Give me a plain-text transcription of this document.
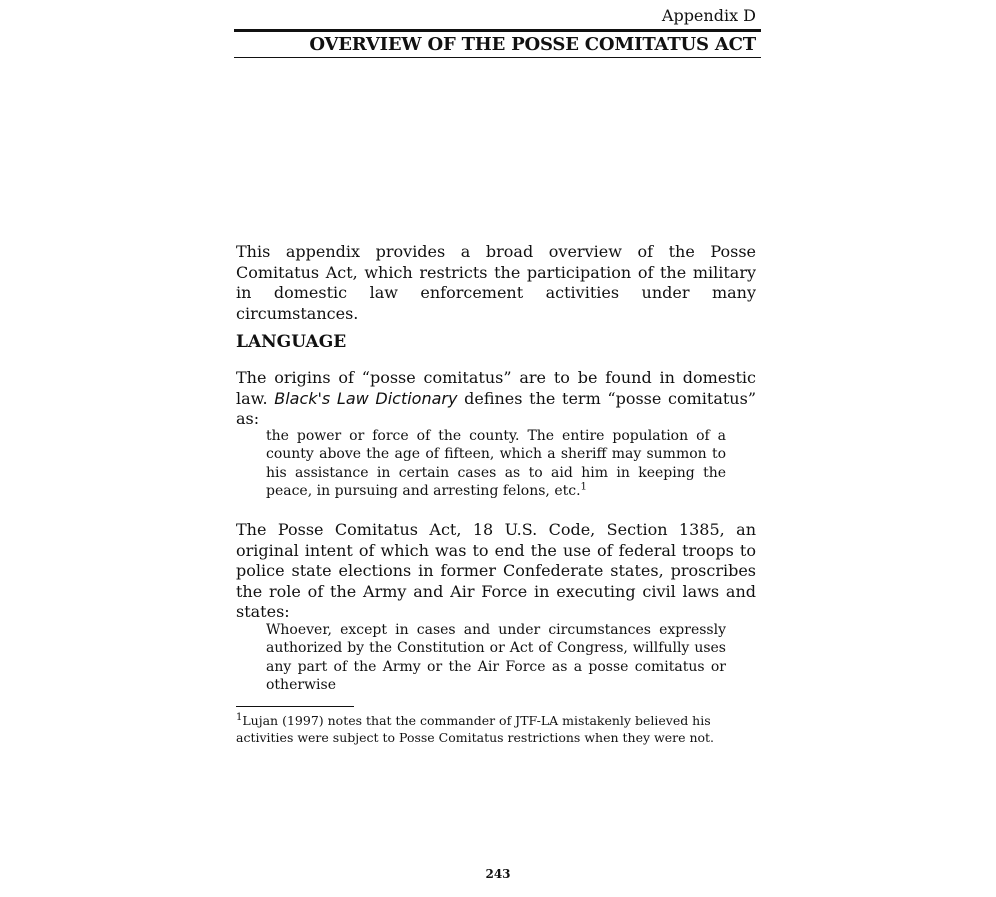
Appendix D
OVERVIEW OF THE POSSE COMITATUS ACT
This appendix provides a broad overview of the Posse Comitatus Act, which restricts the participation of the military in domestic law enforcement activities under many circumstances.
LANGUAGE
The origins of “posse comitatus” are to be found in domestic law. Black's Law Dictionary defines the term “posse comitatus” as:
the power or force of the county. The entire population of a county above the age of fifteen, which a sheriff may summon to his assistance in certain cases as to aid him in keeping the peace, in pursuing and arresting felons, etc.$^1$
The Posse Comitatus Act, 18 U.S. Code, Section 1385, an original intent of which was to end the use of federal troops to police state elections in former Confederate states, proscribes the role of the Army and Air Force in executing civil laws and states:
Whoever, except in cases and under circumstances expressly authorized by the Constitution or Act of Congress, willfully uses any part of the Army or the Air Force as a posse comitatus or otherwise
$^1$Lujan (1997) notes that the commander of JTF-LA mistakenly believed his activities were subject to Posse Comitatus restrictions when they were not.
243
